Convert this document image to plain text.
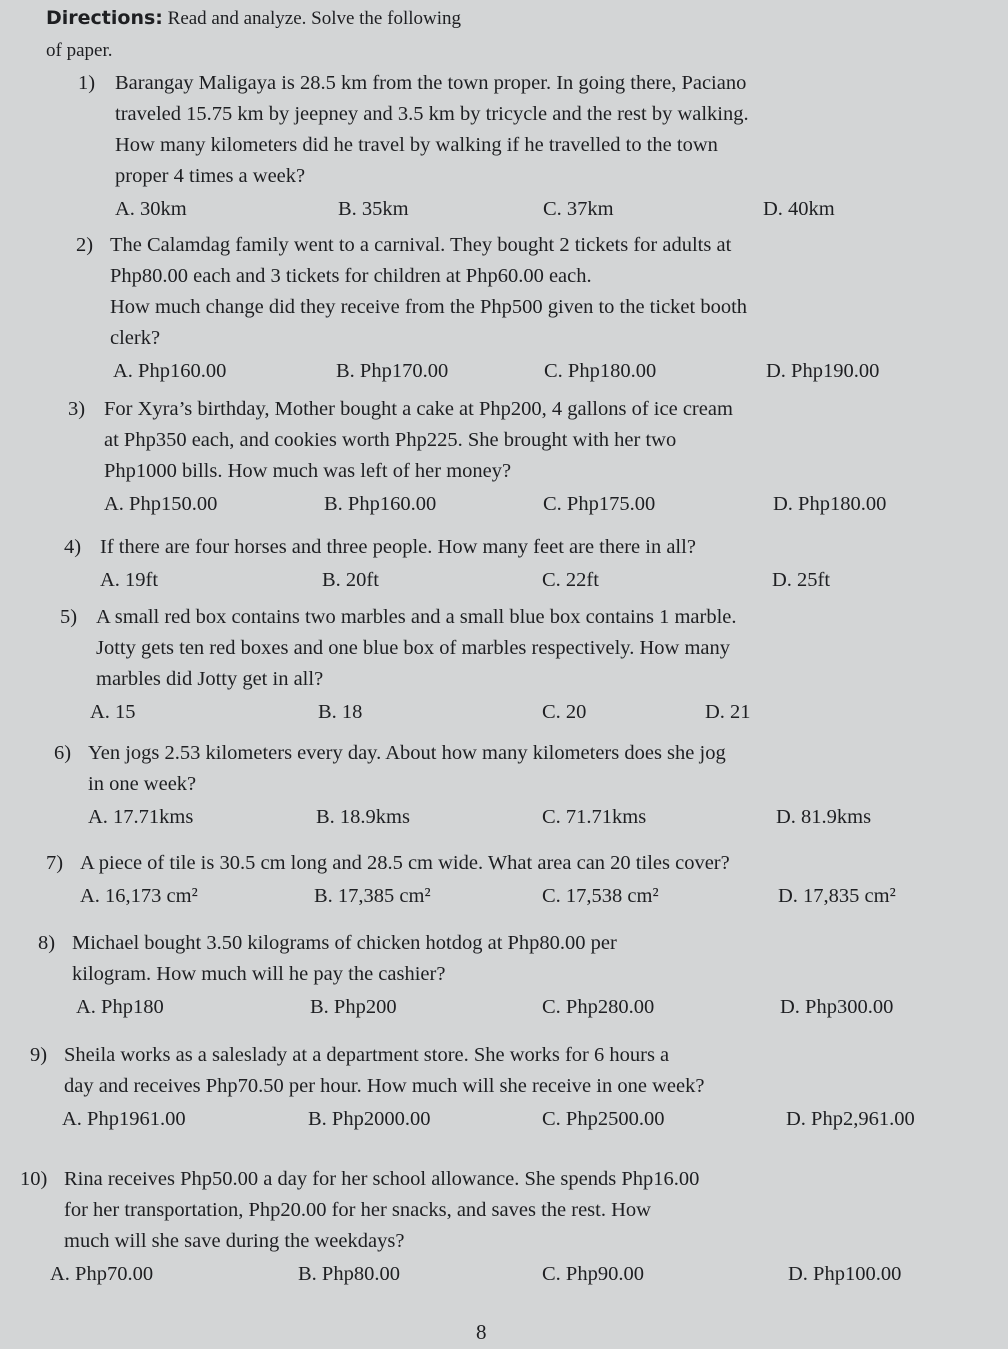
Directions: Read and analyze. Solve the following
of paper.
1) Barangay Maligaya is 28.5 km from the town proper. In going there, Paciano
traveled 15.75 km by jeepney and 3.5 km by tricycle and the rest by walking.
How many kilometers did he travel by walking if he travelled to the town
proper 4 times a week?
A. 30km	B. 35km	C. 37km	D. 40km
2) The Calamdag family went to a carnival. They bought 2 tickets for adults at
Php80.00 each and 3 tickets for children at Php60.00 each.
How much change did they receive from the Php500 given to the ticket booth
clerk?
A. Php160.00	B. Php170.00	C. Php180.00	D. Php190.00
3) For Xyra’s birthday, Mother bought a cake at Php200, 4 gallons of ice cream
at Php350 each, and cookies worth Php225. She brought with her two
Php1000 bills. How much was left of her money?
A. Php150.00	B. Php160.00	C. Php175.00	D. Php180.00
4) If there are four horses and three people. How many feet are there in all?
A. 19ft	B. 20ft	C. 22ft	D. 25ft
5) A small red box contains two marbles and a small blue box contains 1 marble.
Jotty gets ten red boxes and one blue box of marbles respectively. How many
marbles did Jotty get in all?
A. 15	B. 18	C. 20	D. 21
6) Yen jogs 2.53 kilometers every day. About how many kilometers does she jog
in one week?
A. 17.71kms	B. 18.9kms	C. 71.71kms	D. 81.9kms
7) A piece of tile is 30.5 cm long and 28.5 cm wide. What area can 20 tiles cover?
A. 16,173 cm²	B. 17,385 cm²	C. 17,538 cm²	D. 17,835 cm²
8) Michael bought 3.50 kilograms of chicken hotdog at Php80.00 per
kilogram. How much will he pay the cashier?
A. Php180	B. Php200	C. Php280.00	D. Php300.00
9) Sheila works as a saleslady at a department store. She works for 6 hours a
day and receives Php70.50 per hour. How much will she receive in one week?
A. Php1961.00	B. Php2000.00	C. Php2500.00	D. Php2,961.00
10) Rina receives Php50.00 a day for her school allowance. She spends Php16.00
for her transportation, Php20.00 for her snacks, and saves the rest. How
much will she save during the weekdays?
A. Php70.00	B. Php80.00	C. Php90.00	D. Php100.00
8
